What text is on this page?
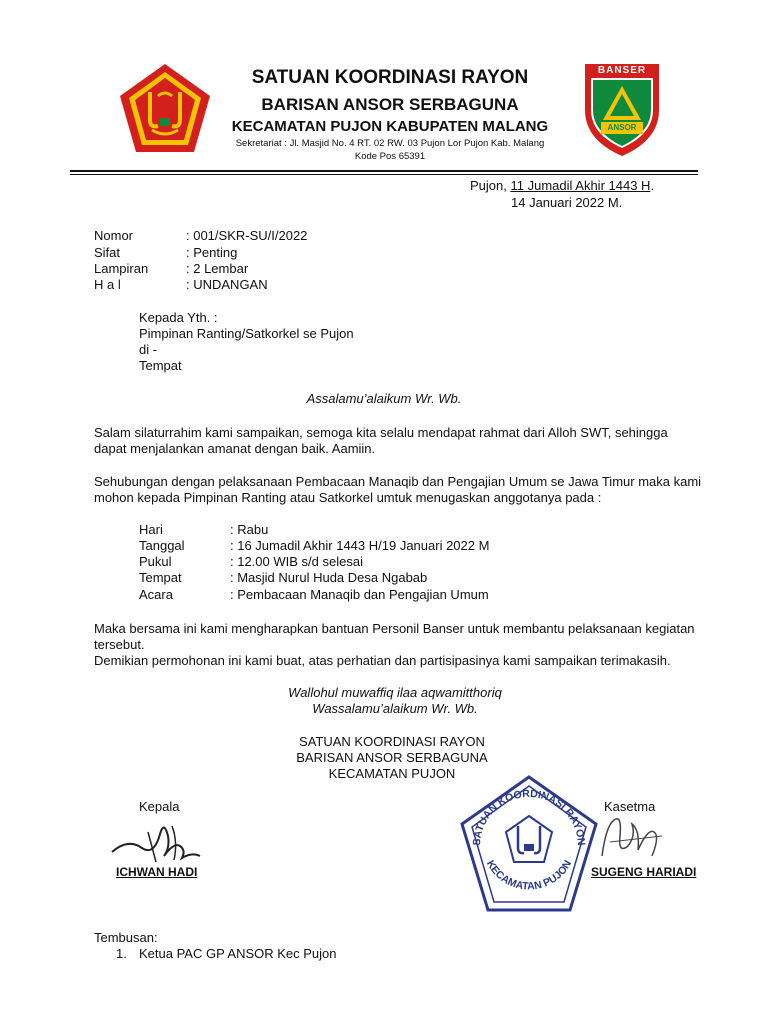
SATUAN KOORDINASI RAYON
BARISAN ANSOR SERBAGUNA
KECAMATAN PUJON KABUPATEN MALANG
Sekretariat : Jl. Masjid No. 4 RT. 02 RW. 03 Pujon Lor Pujon Kab. Malang
Kode Pos 65391
BANSER
ANSOR
Pujon, 11 Jumadil Akhir 1443 H.
14 Januari 2022 M.
Nomor	: 001/SKR-SU/I/2022
Sifat	: Penting
Lampiran	: 2 Lembar
H a l	: UNDANGAN
Kepada Yth. :
Pimpinan Ranting/Satkorkel se Pujon
di -
Tempat
Assalamu’alaikum Wr. Wb.
Salam silaturrahim kami sampaikan, semoga kita selalu mendapat rahmat dari Alloh SWT, sehingga
dapat menjalankan amanat dengan baik. Aamiin.
Sehubungan dengan pelaksanaan Pembacaan Manaqib dan Pengajian Umum se Jawa Timur maka kami
mohon kepada Pimpinan Ranting atau Satkorkel umtuk menugaskan anggotanya pada :
Hari	: Rabu
Tanggal	: 16 Jumadil Akhir 1443 H/19 Januari 2022 M
Pukul	: 12.00 WIB s/d selesai
Tempat	: Masjid Nurul Huda Desa Ngabab
Acara	: Pembacaan Manaqib dan Pengajian Umum
Maka bersama ini kami mengharapkan bantuan Personil Banser untuk membantu pelaksanaan kegiatan
tersebut.
Demikian permohonan ini kami buat, atas perhatian dan partisipasinya kami sampaikan terimakasih.
Wallohul muwaffiq ilaa aqwamitthoriq
Wassalamu’alaikum Wr. Wb.
SATUAN KOORDINASI RAYON
BARISAN ANSOR SERBAGUNA
KECAMATAN PUJON
Kepala
ICHWAN HADI
Kasetma
SUGENG HARIADI
SATUAN KOORDINASI RAYON
KECAMATAN PUJON
Tembusan:
1. Ketua PAC GP ANSOR Kec Pujon
